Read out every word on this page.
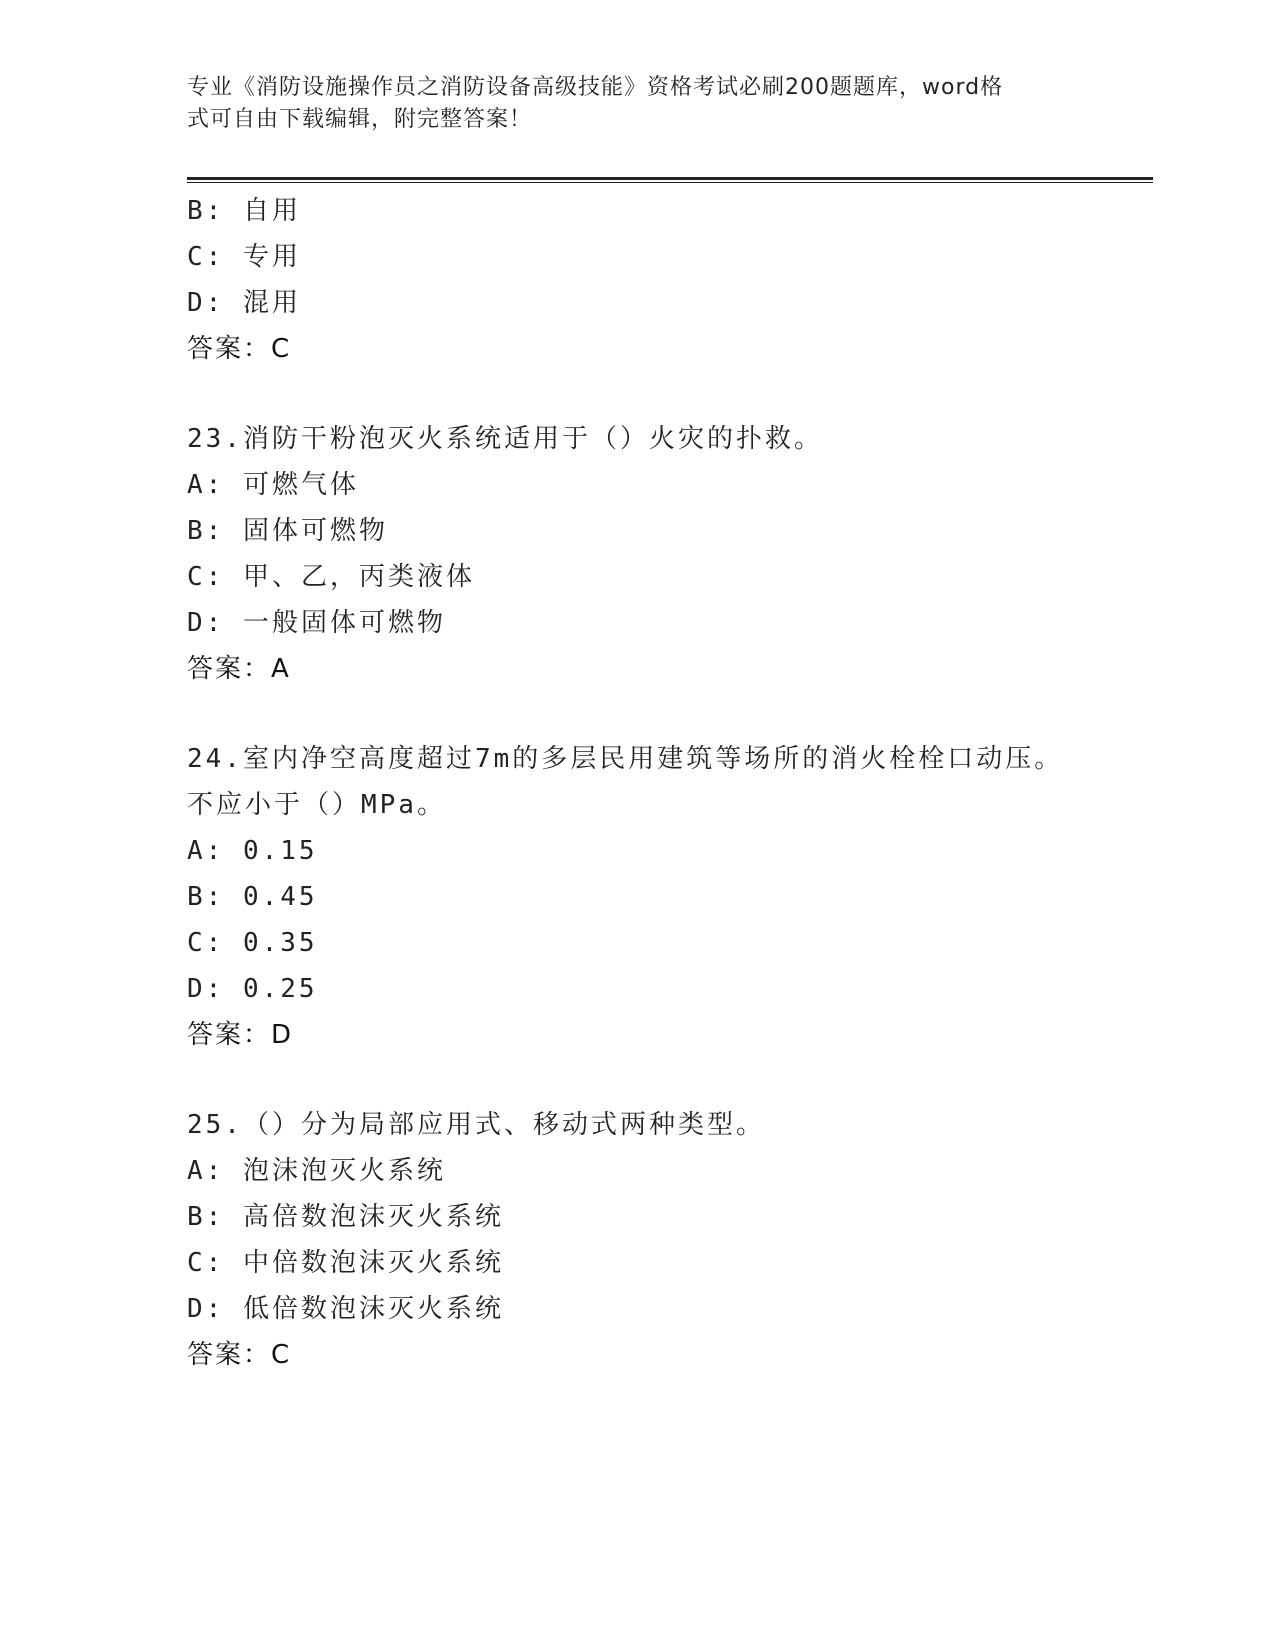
专业《消防设施操作员之消防设备高级技能》资格考试必刷200题题库，word格
式可自由下载编辑，附完整答案！
B: 自用
C: 专用
D: 混用
答案：C
23.消防干粉泡灭火系统适用于（）火灾的扑救。
A: 可燃气体
B: 固体可燃物
C: 甲、乙，丙类液体
D: 一般固体可燃物
答案：A
24.室内净空高度超过7m的多层民用建筑等场所的消火栓栓口动压。
不应小于（）MPa。
A: 0.15
B: 0.45
C: 0.35
D: 0.25
答案：D
25.（）分为局部应用式、移动式两种类型。
A: 泡沫泡灭火系统
B: 高倍数泡沫灭火系统
C: 中倍数泡沫灭火系统
D: 低倍数泡沫灭火系统
答案：C
